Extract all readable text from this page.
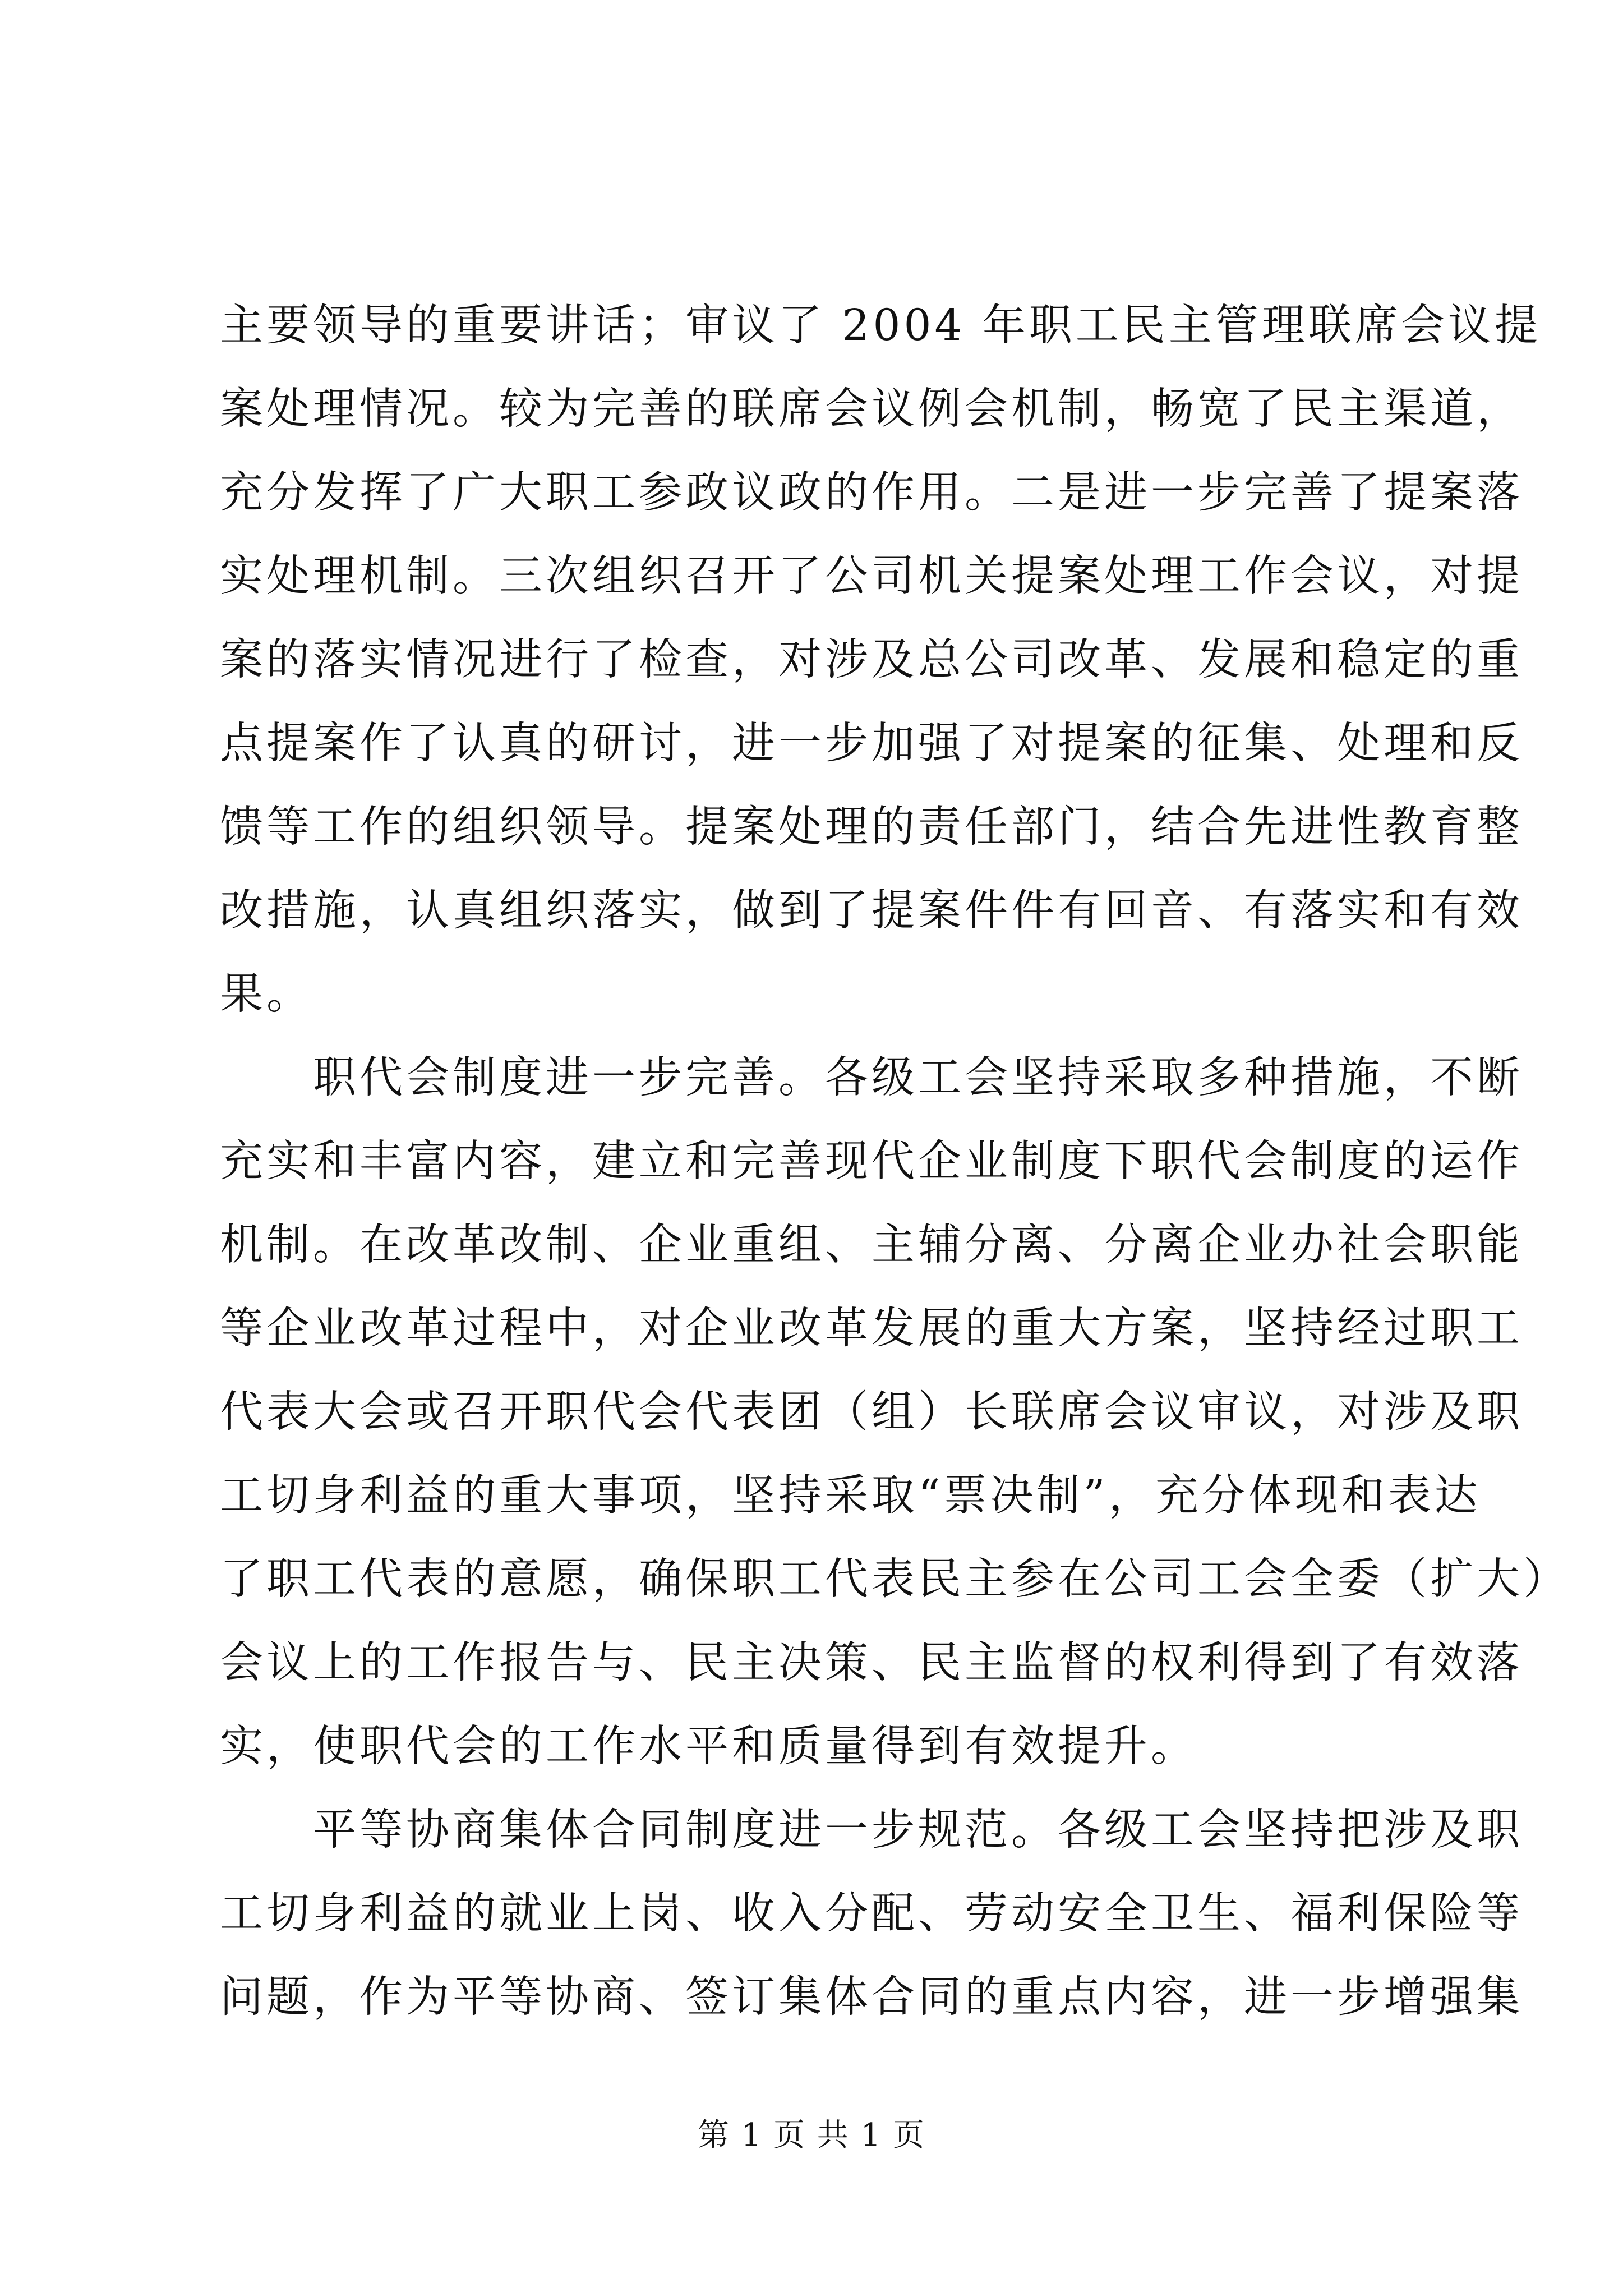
主要领导的重要讲话；审议了 2004 年职工民主管理联席会议提
案处理情况。较为完善的联席会议例会机制，畅宽了民主渠道，
充分发挥了广大职工参政议政的作用。二是进一步完善了提案落
实处理机制。三次组织召开了公司机关提案处理工作会议，对提
案的落实情况进行了检查，对涉及总公司改革、发展和稳定的重
点提案作了认真的研讨，进一步加强了对提案的征集、处理和反
馈等工作的组织领导。提案处理的责任部门，结合先进性教育整
改措施，认真组织落实，做到了提案件件有回音、有落实和有效
果。
　　职代会制度进一步完善。各级工会坚持采取多种措施，不断
充实和丰富内容，建立和完善现代企业制度下职代会制度的运作
机制。在改革改制、企业重组、主辅分离、分离企业办社会职能
等企业改革过程中，对企业改革发展的重大方案，坚持经过职工
代表大会或召开职代会代表团（组）长联席会议审议，对涉及职
工切身利益的重大事项，坚持采取“票决制”，充分体现和表达
了职工代表的意愿，确保职工代表民主参在公司工会全委（扩大）
会议上的工作报告与、民主决策、民主监督的权利得到了有效落
实，使职代会的工作水平和质量得到有效提升。
　　平等协商集体合同制度进一步规范。各级工会坚持把涉及职
工切身利益的就业上岗、收入分配、劳动安全卫生、福利保险等
问题，作为平等协商、签订集体合同的重点内容，进一步增强集
第 1 页 共 1 页
